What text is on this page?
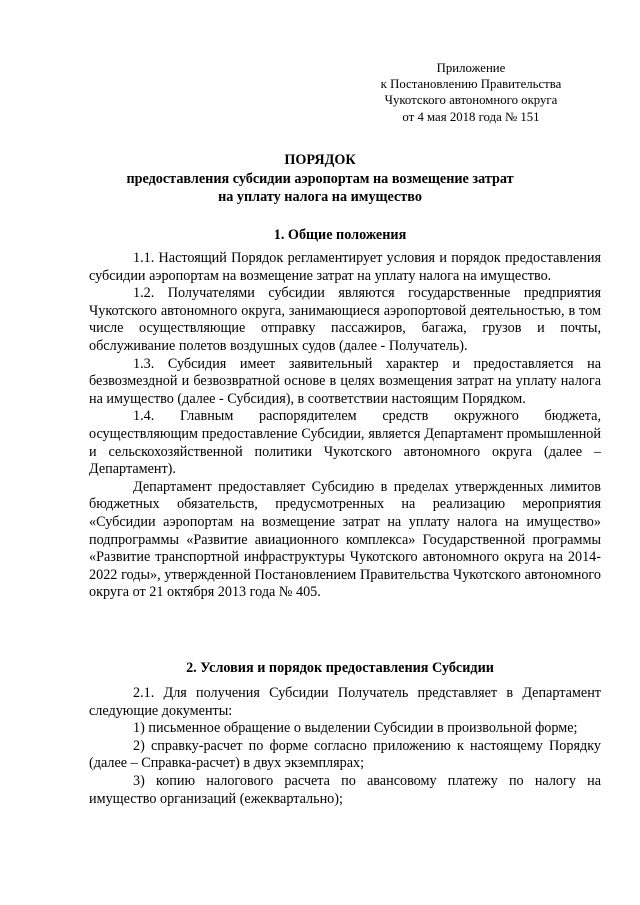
Приложение
к Постановлению Правительства
Чукотского автономного округа
от 4 мая 2018 года № 151
ПОРЯДОК
предоставления субсидии аэропортам на возмещение затрат
на уплату налога на имущество
1. Общие положения

1.1. Настоящий Порядок регламентирует условия и порядок предоставления субсидии аэропортам на возмещение затрат на уплату налога на имущество.

1.2. Получателями субсидии являются государственные предприятия Чукотского автономного округа, занимающиеся аэропортовой деятельностью, в том числе осуществляющие отправку пассажиров, багажа, грузов и почты, обслуживание полетов воздушных судов (далее - Получатель).

1.3. Субсидия имеет заявительный характер и предоставляется на безвозмездной и безвозвратной основе в целях возмещения затрат на уплату налога на имущество (далее - Субсидия), в соответствии настоящим Порядком.

1.4. Главным распорядителем средств окружного бюджета, осуществляющим предоставление Субсидии, является Департамент промышленной и сельскохозяйственной политики Чукотского автономного округа (далее – Департамент).

Департамент предоставляет Субсидию в пределах утвержденных лимитов бюджетных обязательств, предусмотренных на реализацию мероприятия «Субсидии аэропортам на возмещение затрат на уплату налога на имущество» подпрограммы «Развитие авиационного комплекса» Государственной программы «Развитие транспортной инфраструктуры Чукотского автономного округа на 2014-2022 годы», утвержденной Постановлением Правительства Чукотского автономного округа от 21 октября 2013 года № 405.

2. Условия и порядок предоставления Субсидии

2.1. Для получения Субсидии Получатель представляет в Департамент следующие документы:

1) письменное обращение о выделении Субсидии в произвольной форме;

2) справку-расчет по форме согласно приложению к настоящему Порядку (далее – Справка-расчет) в двух экземплярах;

3) копию налогового расчета по авансовому платежу по налогу на имущество организаций (ежеквартально);
